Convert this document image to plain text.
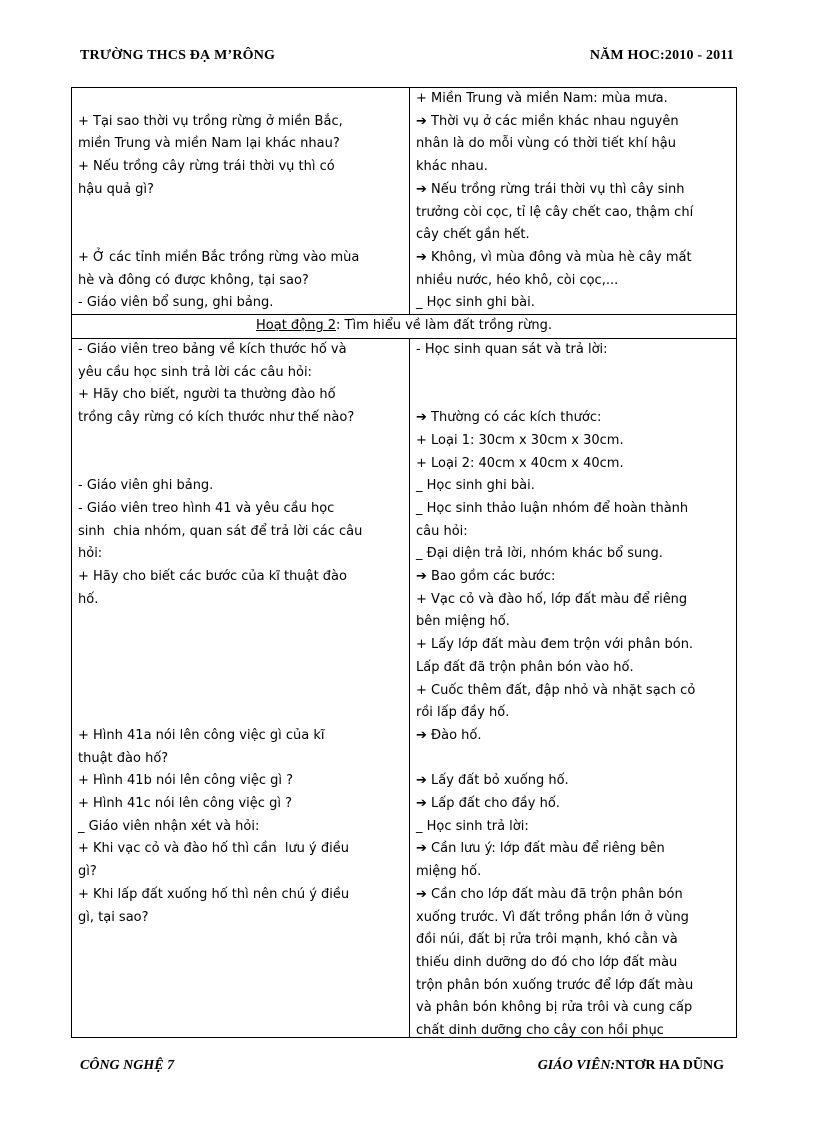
TRƯỜNG THCS ĐẠ M’RÔNG	NĂM HOC:2010 - 2011

+ Tại sao thời vụ trồng rừng ở miền Bắc,
miền Trung và miền Nam lại khác nhau?
+ Nếu trồng cây rừng trái thời vụ thì có
hậu quả gì?

+ Ở các tỉnh miền Bắc trồng rừng vào mùa
hè và đông có được không, tại sao?
- Giáo viên bổ sung, ghi bảng.
+ Miền Trung và miền Nam: mùa mưa.
➔ Thời vụ ở các miền khác nhau nguyên
nhân là do mỗi vùng có thời tiết khí hậu
khác nhau.
➔ Nếu trồng rừng trái thời vụ thì cây sinh
trưởng còi cọc, tỉ lệ cây chết cao, thậm chí
cây chết gần hết.
➔ Không, vì mùa đông và mùa hè cây mất
nhiều nước, héo khô, còi cọc,...
_ Học sinh ghi bài.
Hoạt động 2: Tìm hiểu về làm đất trồng rừng.
- Giáo viên treo bảng về kích thước hố và
yêu cầu học sinh trả lời các câu hỏi:
+ Hãy cho biết, người ta thường đào hố
trồng cây rừng có kích thước như thế nào?

- Giáo viên ghi bảng.
- Giáo viên treo hình 41 và yêu cầu học
sinh  chia nhóm, quan sát để trả lời các câu
hỏi:
+ Hãy cho biết các bước của kĩ thuật đào
hố.

+ Hình 41a nói lên công việc gì của kĩ
thuật đào hố?
+ Hình 41b nói lên công việc gì ?
+ Hình 41c nói lên công việc gì ?
_ Giáo viên nhận xét và hỏi:
+ Khi vạc cỏ và đào hố thì cần  lưu ý điều
gì?
+ Khi lấp đất xuống hố thì nên chú ý điều
gì, tại sao?
- Học sinh quan sát và trả lời:

➔ Thường có các kích thước:
+ Loại 1: 30cm x 30cm x 30cm.
+ Loại 2: 40cm x 40cm x 40cm.
_ Học sinh ghi bài.
_ Học sinh thảo luận nhóm để hoàn thành
câu hỏi:
_ Đại diện trả lời, nhóm khác bổ sung.
➔ Bao gồm các bước:
+ Vạc cỏ và đào hố, lớp đất màu để riêng
bên miệng hố.
+ Lấy lớp đất màu đem trộn với phân bón.
Lấp đất đã trộn phân bón vào hố.
+ Cuốc thêm đất, đập nhỏ và nhặt sạch cỏ
rồi lấp đầy hố.
➔ Đào hố.

➔ Lấy đất bỏ xuống hố.
➔ Lấp đất cho đầy hố.
_ Học sinh trả lời:
➔ Cần lưu ý: lớp đất màu để riêng bên
miệng hố.
➔ Cần cho lớp đất màu đã trộn phân bón
xuống trước. Vì đất trồng phần lớn ở vùng
đồi núi, đất bị rửa trôi mạnh, khó cằn và
thiếu dinh dưỡng do đó cho lớp đất màu
trộn phân bón xuống trước để lớp đất màu
và phân bón không bị rửa trôi và cung cấp
chất dinh dưỡng cho cây con hồi phục
CÔNG NGHỆ 7	GIÁO VIÊN:NTƠR HA DŨNG
